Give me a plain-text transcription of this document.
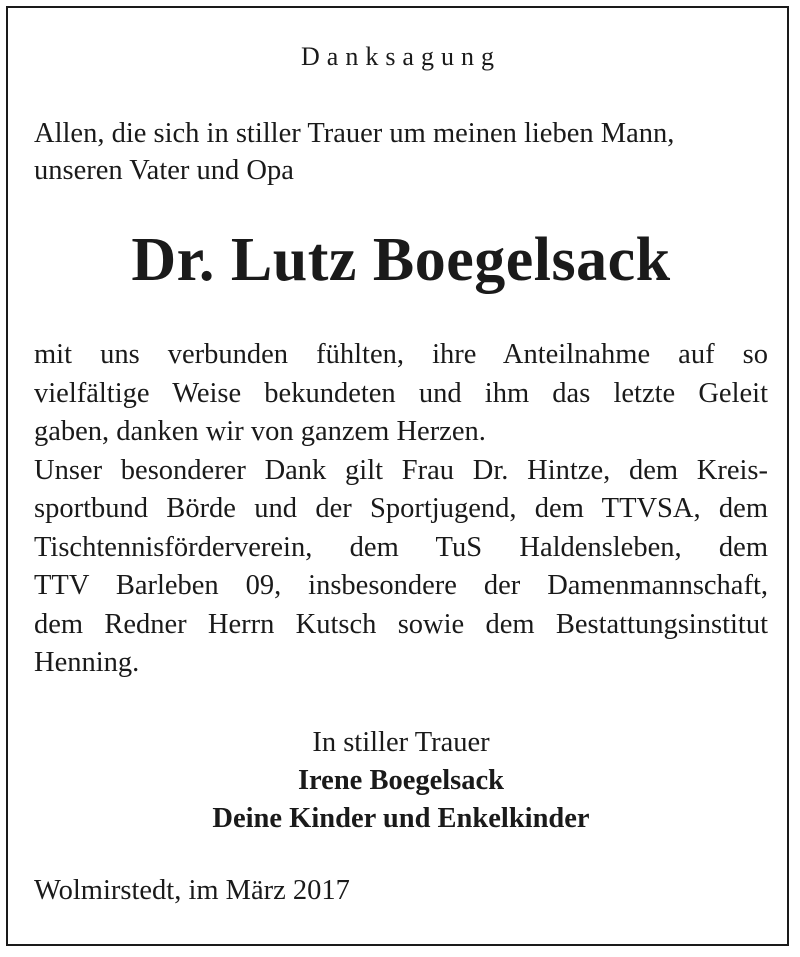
Danksagung
Allen, die sich in stiller Trauer um meinen lieben Mann,
unseren Vater und Opa
Dr. Lutz Boegelsack
mit uns verbunden fühlten, ihre Anteilnahme auf so
vielfältige Weise bekundeten und ihm das letzte Geleit
gaben, danken wir von ganzem Herzen.
Unser besonderer Dank gilt Frau Dr. Hintze, dem Kreis-
sportbund Börde und der Sportjugend, dem TTVSA, dem
Tischtennisförderverein, dem TuS Haldensleben, dem
TTV Barleben 09, insbesondere der Damenmannschaft,
dem Redner Herrn Kutsch sowie dem Bestattungsinstitut
Henning.
In stiller Trauer
Irene Boegelsack
Deine Kinder und Enkelkinder
Wolmirstedt, im März 2017
